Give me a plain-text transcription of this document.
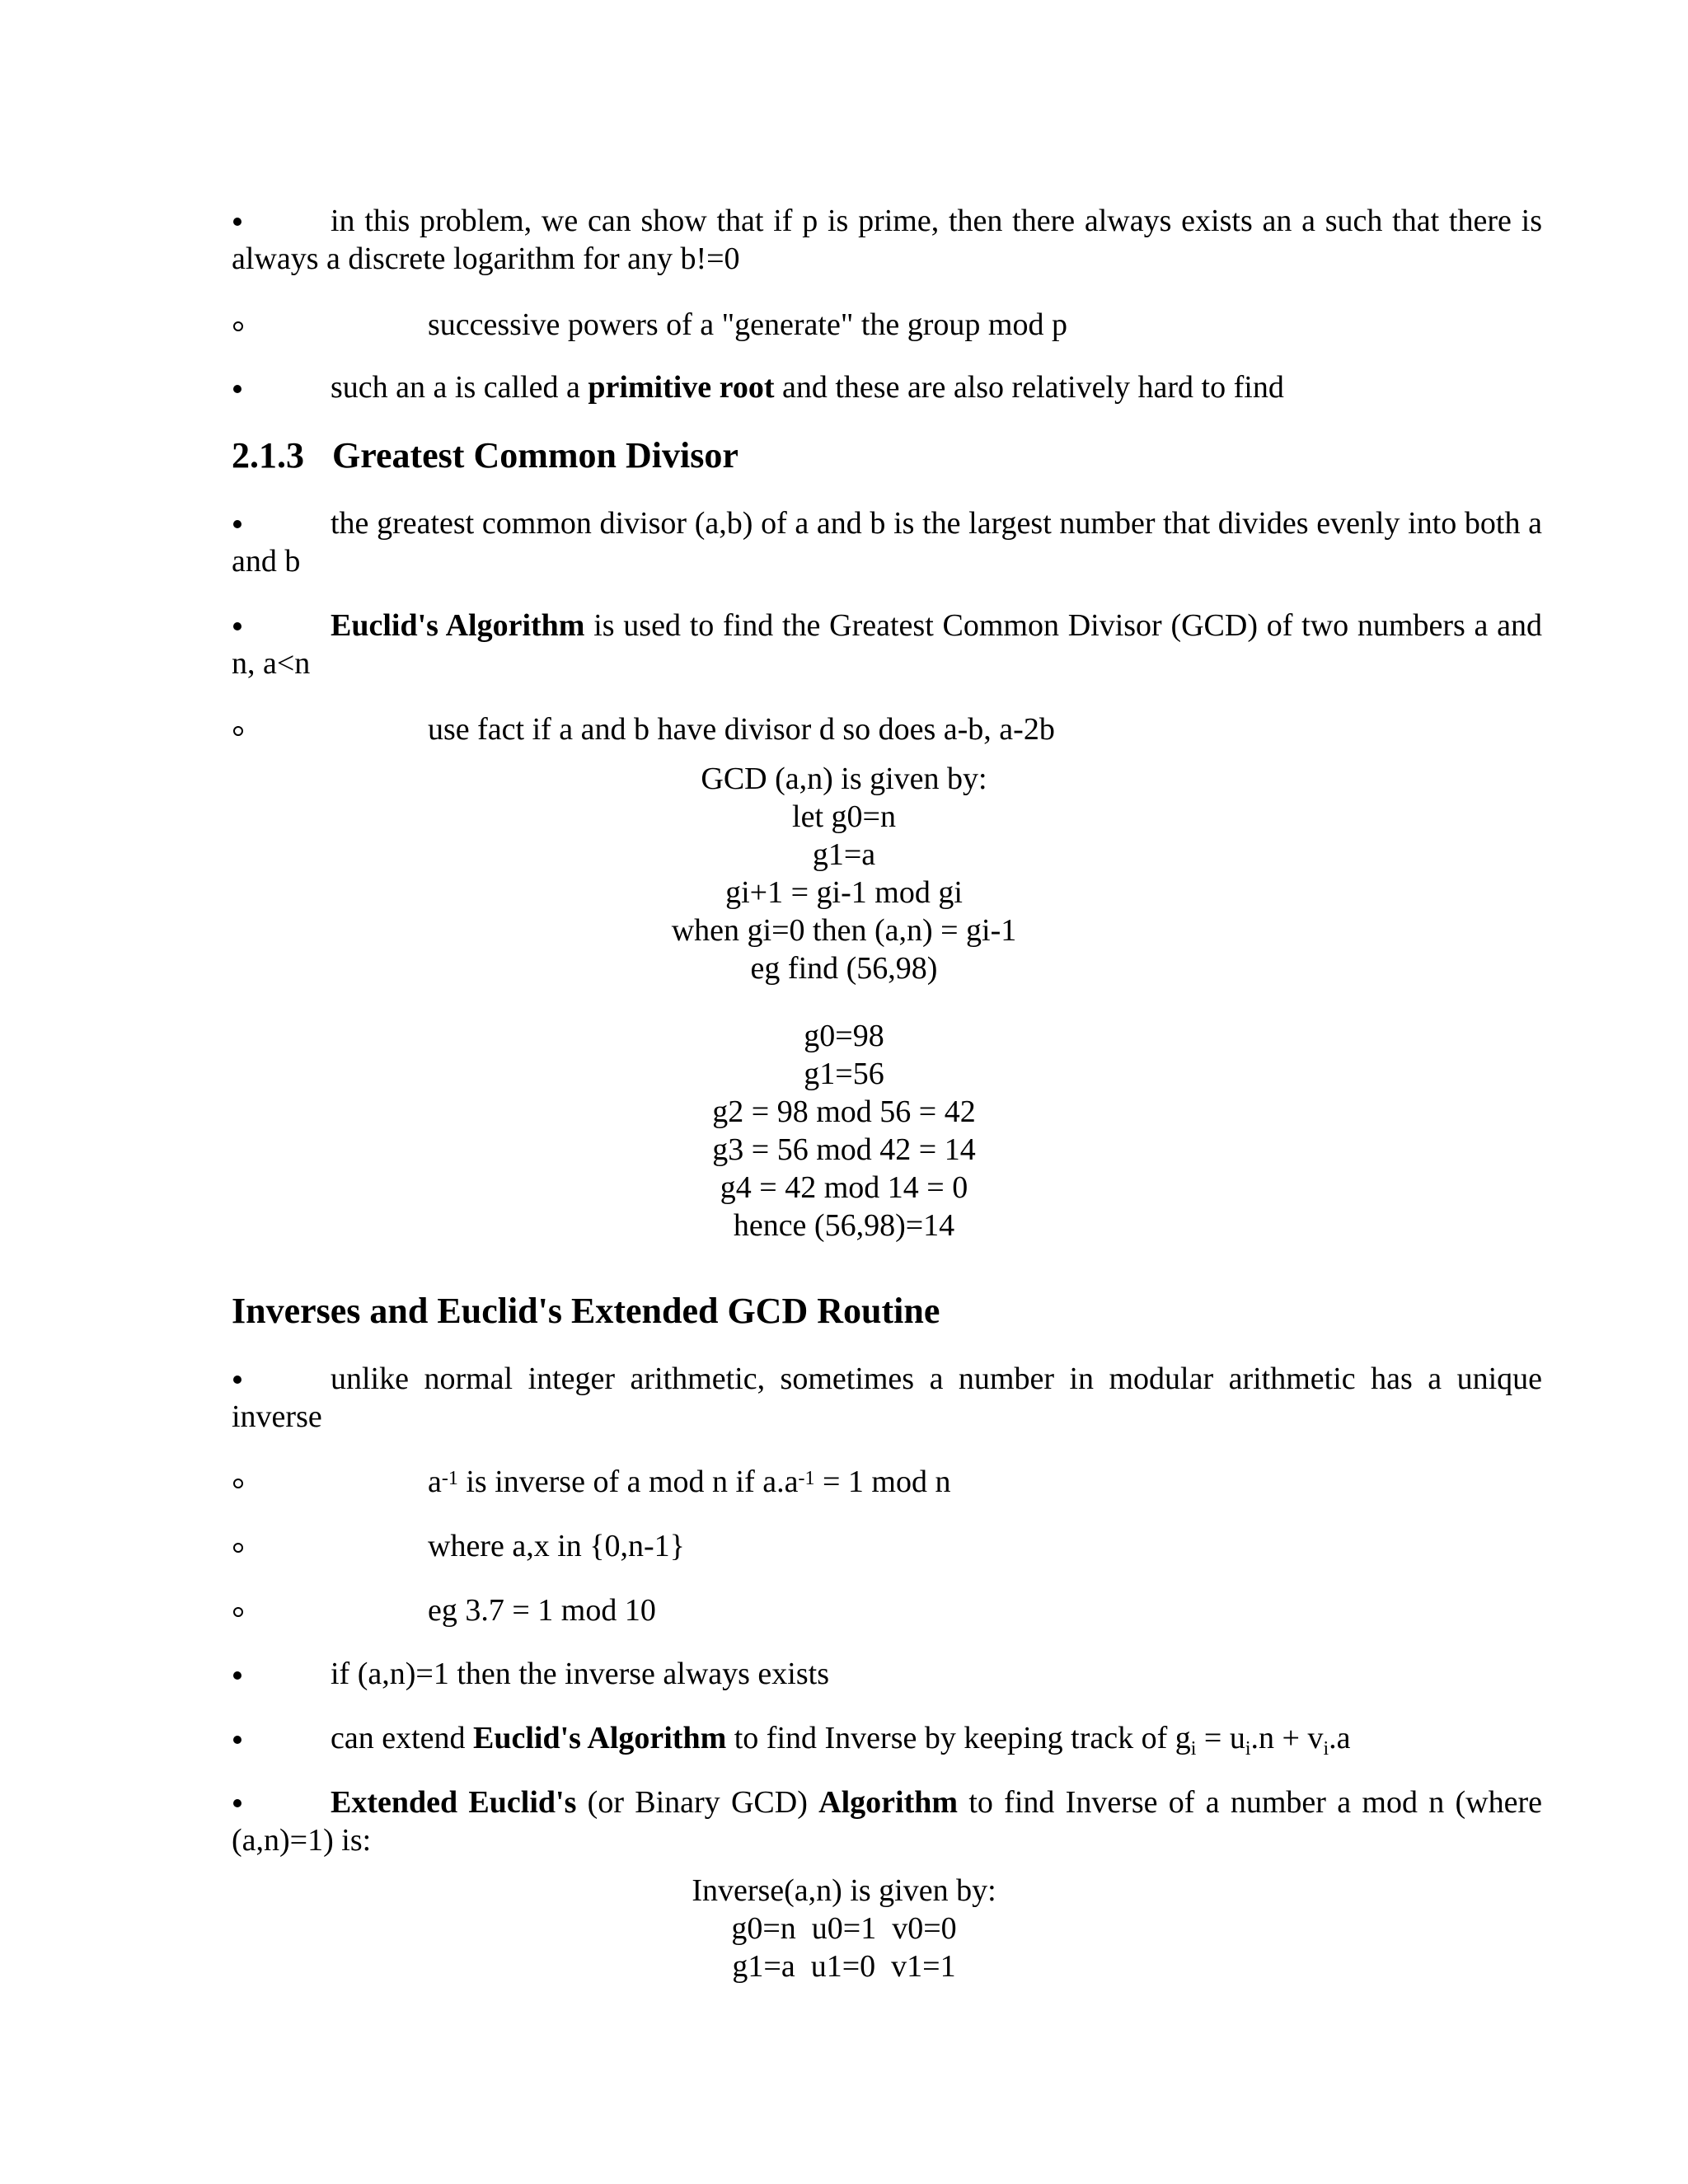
in this problem, we can show that if p is prime, then there always exists an a such that there is always a discrete logarithm for any b!=0
successive powers of a "generate" the group mod p
such an a is called a primitive root and these are also relatively hard to find
2.1.3 Greatest Common Divisor
the greatest common divisor (a,b) of a and b is the largest number that divides evenly into both a and b
Euclid's Algorithm is used to find the Greatest Common Divisor (GCD) of two numbers a and n, a<n
use fact if a and b have divisor d so does a-b, a-2b
GCD (a,n) is given by:
let g0=n
g1=a
gi+1 = gi-1 mod gi
when gi=0 then (a,n) = gi-1
eg find (56,98)
g0=98
g1=56
g2 = 98 mod 56 = 42
g3 = 56 mod 42 = 14
g4 = 42 mod 14 = 0
hence (56,98)=14
Inverses and Euclid's Extended GCD Routine
unlike normal integer arithmetic, sometimes a number in modular arithmetic has a unique inverse
$a^{-1}$ is inverse of a mod n if $a.a^{-1} = 1$ mod n
where a,x in {0,n-1}
eg 3.7 = 1 mod 10
if (a,n)=1 then the inverse always exists
can extend Euclid's Algorithm to find Inverse by keeping track of $g_i = u_i.n + v_i.a$
Extended Euclid's (or Binary GCD) Algorithm to find Inverse of a number a mod n (where (a,n)=1) is:
Inverse(a,n) is given by:
g0=n  u0=1  v0=0
g1=a  u1=0  v1=1
